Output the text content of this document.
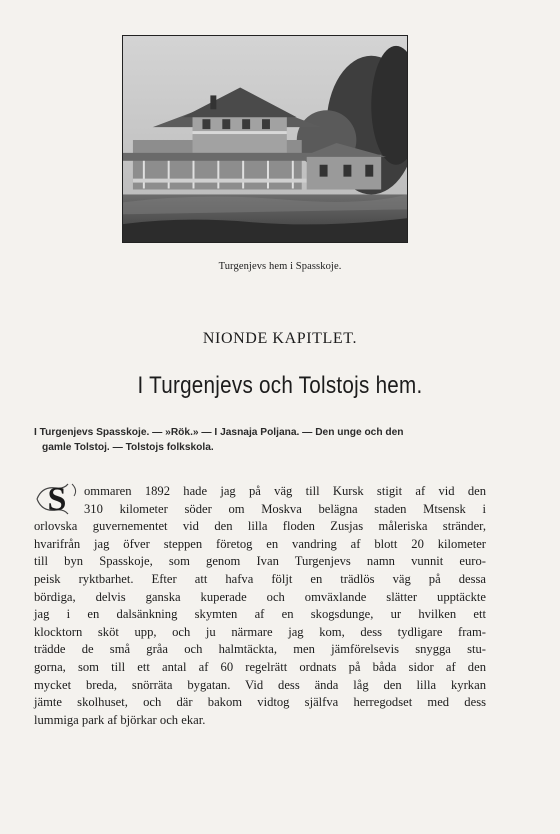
Turgenjevs hem i Spasskoje.
NIONDE KAPITLET.
I Turgenjevs och Tolstojs hem.
I Turgenjevs Spasskoje. — »Rök.» — I Jasnaja Poljana. — Den unge och den
gamle Tolstoj. — Tolstojs folkskola.
S	ommaren 1892 hade jag på väg till Kursk stigit af vid den
310 kilometer söder om Moskva belägna staden Mtsensk i
orlovska guvernementet vid den lilla floden Zusjas måleriska stränder,
hvarifrån jag öfver steppen företog en vandring af blott 20 kilometer
till byn Spasskoje, som genom Ivan Turgenjevs namn vunnit euro-
peisk ryktbarhet. Efter att hafva följt en trädlös väg på dessa
bördiga, delvis ganska kuperade och omväxlande slätter upptäckte
jag i en dalsänkning skymten af en skogsdunge, ur hvilken ett
klocktorn sköt upp, och ju närmare jag kom, dess tydligare fram-
trädde de små gråa och halmtäckta, men jämförelsevis snygga stu-
gorna, som till ett antal af 60 regelrätt ordnats på båda sidor af den
mycket breda, snörräta bygatan. Vid dess ända låg den lilla kyrkan
jämte skolhuset, och där bakom vidtog själfva herregodset med dess
lummiga park af björkar och ekar.
